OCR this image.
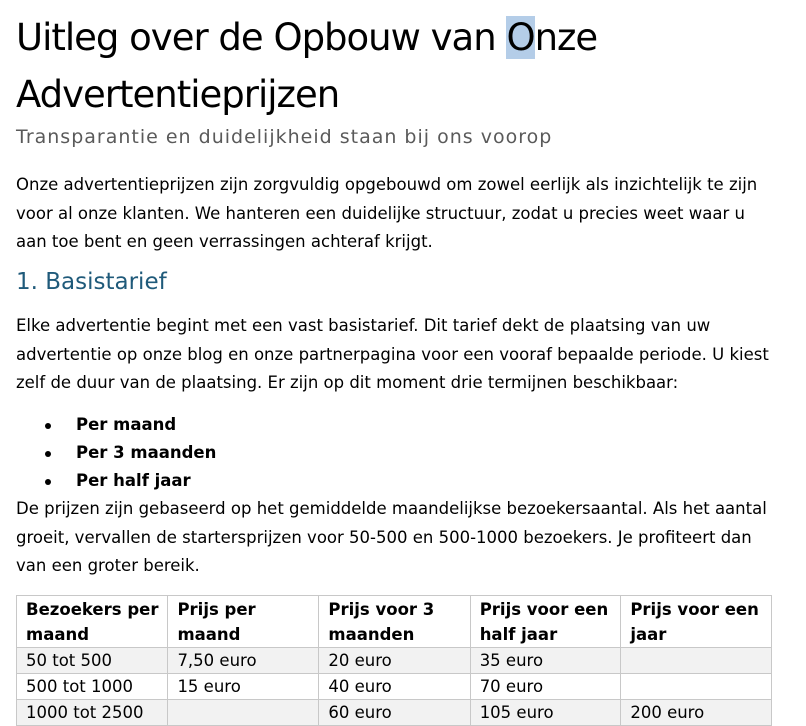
Uitleg over de Opbouw van Onze Advertentieprijzen
Transparantie en duidelijkheid staan bij ons voorop

Onze advertentieprijzen zijn zorgvuldig opgebouwd om zowel eerlijk als inzichtelijk te zijn voor al onze klanten. We hanteren een duidelijke structuur, zodat u precies weet waar u aan toe bent en geen verrassingen achteraf krijgt.

1. Basistarief

Elke advertentie begint met een vast basistarief. Dit tarief dekt de plaatsing van uw advertentie op onze blog en onze partnerpagina voor een vooraf bepaalde periode. U kiest zelf de duur van de plaatsing. Er zijn op dit moment drie termijnen beschikbaar:

Per maand
Per 3 maanden
Per half jaar

De prijzen zijn gebaseerd op het gemiddelde maandelijkse bezoekersaantal. Als het aantal groeit, vervallen de startersprijzen voor 50-500 en 500-1000 bezoekers. Je profiteert dan van een groter bereik.

Bezoekers per maand	Prijs per maand	Prijs voor 3 maanden	Prijs voor een half jaar	Prijs voor een jaar
50 tot 500	7,50 euro	20 euro	35 euro	
500 tot 1000	15 euro	40 euro	70 euro	
1000 tot 2500		60 euro	105 euro	200 euro
